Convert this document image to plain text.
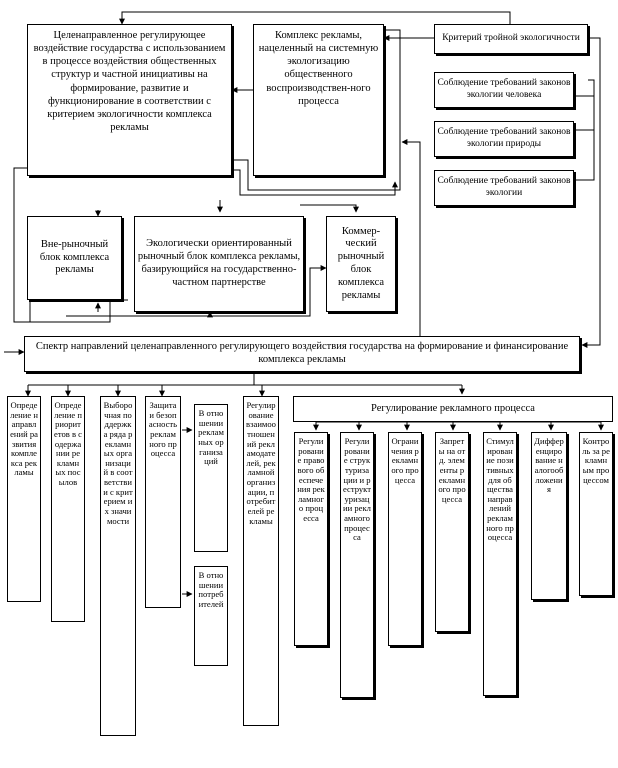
Целенаправленное регулирующее воздействие государства с использованием в процессе воздействия общественных структур и частной инициативы на формирование, развитие и функционирование в соответствии с критерием экологичности комплекса рекламы
Комплекс рекламы, нацеленный на системную экологизацию общественного воспроизводствен-ного процесса
Критерий тройной экологичности
Соблюдение требований законов экологии человека
Соблюдение требований законов экологии природы
Соблюдение требований законов экологии
Вне-рыночный блок комплекса рекламы
Экологически ориентированный рыночный блок комплекса рекламы, базирующийся на государственно-частном партнерстве
Коммер-ческий рыночный блок комплекса рекламы
Спектр направлений целенаправленного регулирующего воздействия государства на формирование и финансирование комплекса рекламы
Определение направлений развития комплекса рекламы
Определение приоритетов в содержании рекламных посылов
Выборочная поддержка ряда рекламных организаций в соответствии с критерием их значимости
Защита и безопасность рекламного процесса
В отношении рекламных организаций
В отношении потребителей
Регулирование взаимоотношений рекламодателей, рекламной организации, потребителей рекламы
Регулирование рекламного процесса
Регулирование правового обеспечения рекламного процесса
Регулирование структуризации и реструктуризации рекламного процесса
Ограничения рекламного процесса
Запреты на отд. элементы рекламного процесса
Стимулирование позитивных для общества направлений рекламного процесса
Дифференцирование налогообложения
Контроль за рекламным процессом
